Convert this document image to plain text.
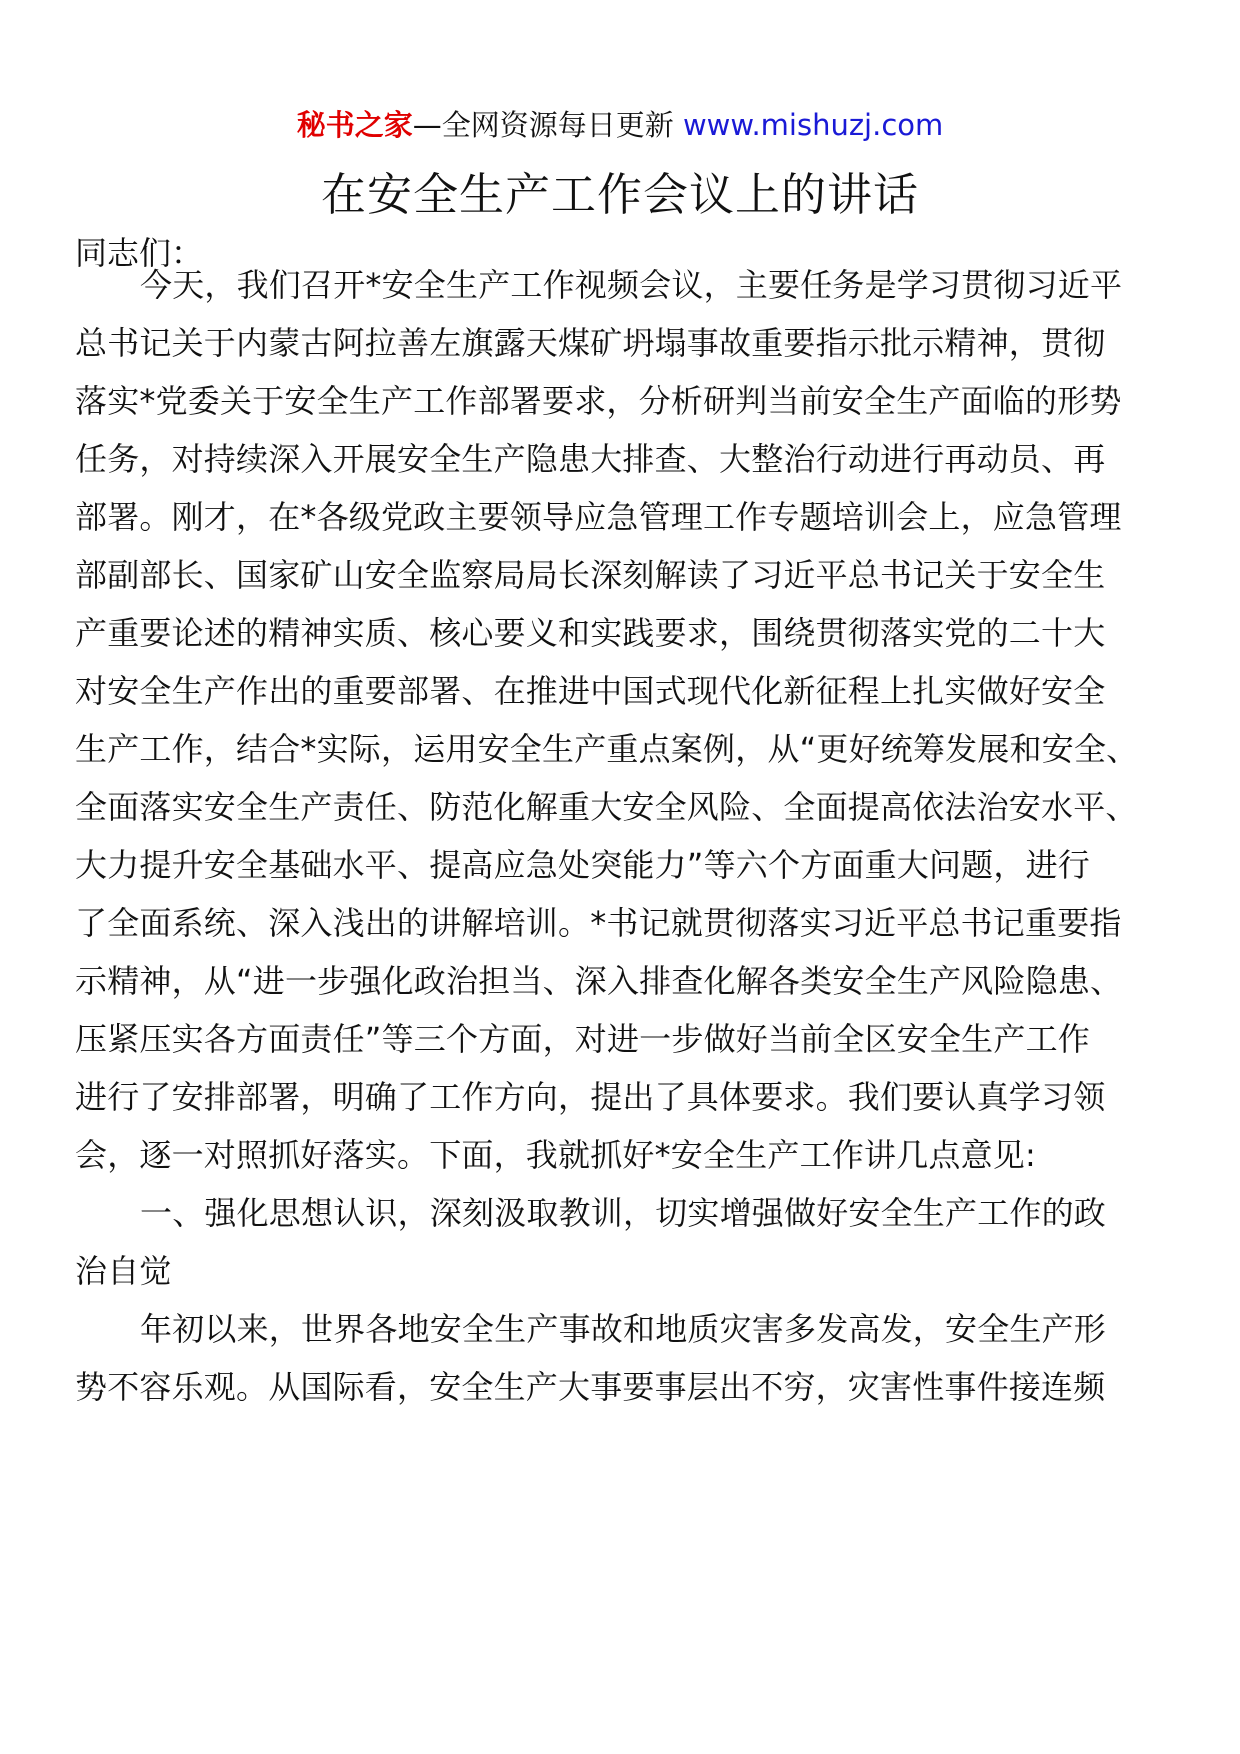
秘书之家—全网资源每日更新 www.mishuzj.com
在安全生产工作会议上的讲话
同志们：
今天，我们召开*安全生产工作视频会议，主要任务是学习贯彻习近平
总书记关于内蒙古阿拉善左旗露天煤矿坍塌事故重要指示批示精神，贯彻
落实*党委关于安全生产工作部署要求，分析研判当前安全生产面临的形势
任务，对持续深入开展安全生产隐患大排查、大整治行动进行再动员、再
部署。刚才，在*各级党政主要领导应急管理工作专题培训会上，应急管理
部副部长、国家矿山安全监察局局长深刻解读了习近平总书记关于安全生
产重要论述的精神实质、核心要义和实践要求，围绕贯彻落实党的二十大
对安全生产作出的重要部署、在推进中国式现代化新征程上扎实做好安全
生产工作，结合*实际，运用安全生产重点案例，从“更好统筹发展和安全、
全面落实安全生产责任、防范化解重大安全风险、全面提高依法治安水平、
大力提升安全基础水平、提高应急处突能力”等六个方面重大问题，进行
了全面系统、深入浅出的讲解培训。*书记就贯彻落实习近平总书记重要指
示精神，从“进一步强化政治担当、深入排查化解各类安全生产风险隐患、
压紧压实各方面责任”等三个方面，对进一步做好当前全区安全生产工作
进行了安排部署，明确了工作方向，提出了具体要求。我们要认真学习领
会，逐一对照抓好落实。下面，我就抓好*安全生产工作讲几点意见:
一、强化思想认识，深刻汲取教训，切实增强做好安全生产工作的政
治自觉
年初以来，世界各地安全生产事故和地质灾害多发高发，安全生产形
势不容乐观。从国际看，安全生产大事要事层出不穷，灾害性事件接连频
